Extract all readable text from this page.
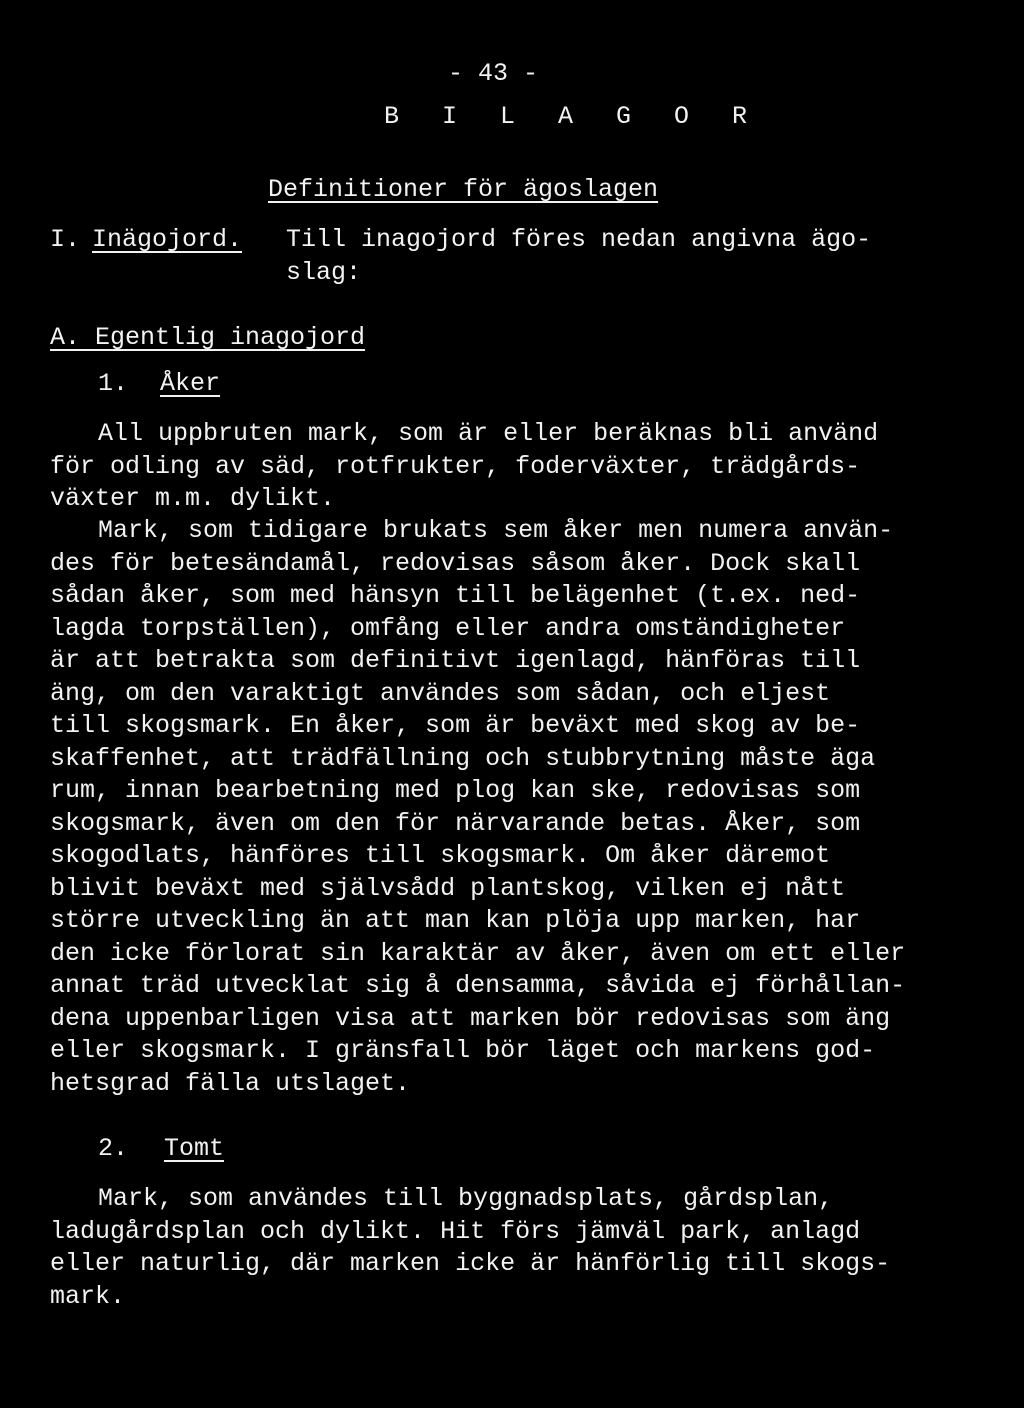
- 43 -
B I L A G O R
Definitioner för ägoslagen
I. Inägojord. Till inagojord föres nedan angivna ägo-
slag:
A. Egentlig inagojord
1. Åker
All uppbruten mark, som är eller beräknas bli använd
för odling av säd, rotfrukter, foderväxter, trädgårds-
växter m.m. dylikt.
Mark, som tidigare brukats sem åker men numera använ-
des för betesändamål, redovisas såsom åker. Dock skall
sådan åker, som med hänsyn till belägenhet (t.ex. ned-
lagda torpställen), omfång eller andra omständigheter
är att betrakta som definitivt igenlagd, hänföras till
äng, om den varaktigt användes som sådan, och eljest
till skogsmark. En åker, som är beväxt med skog av be-
skaffenhet, att trädfällning och stubbrytning måste äga
rum, innan bearbetning med plog kan ske, redovisas som
skogsmark, även om den för närvarande betas. Åker, som
skogodlats, hänföres till skogsmark. Om åker däremot
blivit beväxt med självsådd plantskog, vilken ej nått
större utveckling än att man kan plöja upp marken, har
den icke förlorat sin karaktär av åker, även om ett eller
annat träd utvecklat sig å densamma, såvida ej förhållan-
dena uppenbarligen visa att marken bör redovisas som äng
eller skogsmark. I gränsfall bör läget och markens god-
hetsgrad fälla utslaget.
2. Tomt
Mark, som användes till byggnadsplats, gårdsplan,
ladugårdsplan och dylikt. Hit förs jämväl park, anlagd
eller naturlig, där marken icke är hänförlig till skogs-
mark.
